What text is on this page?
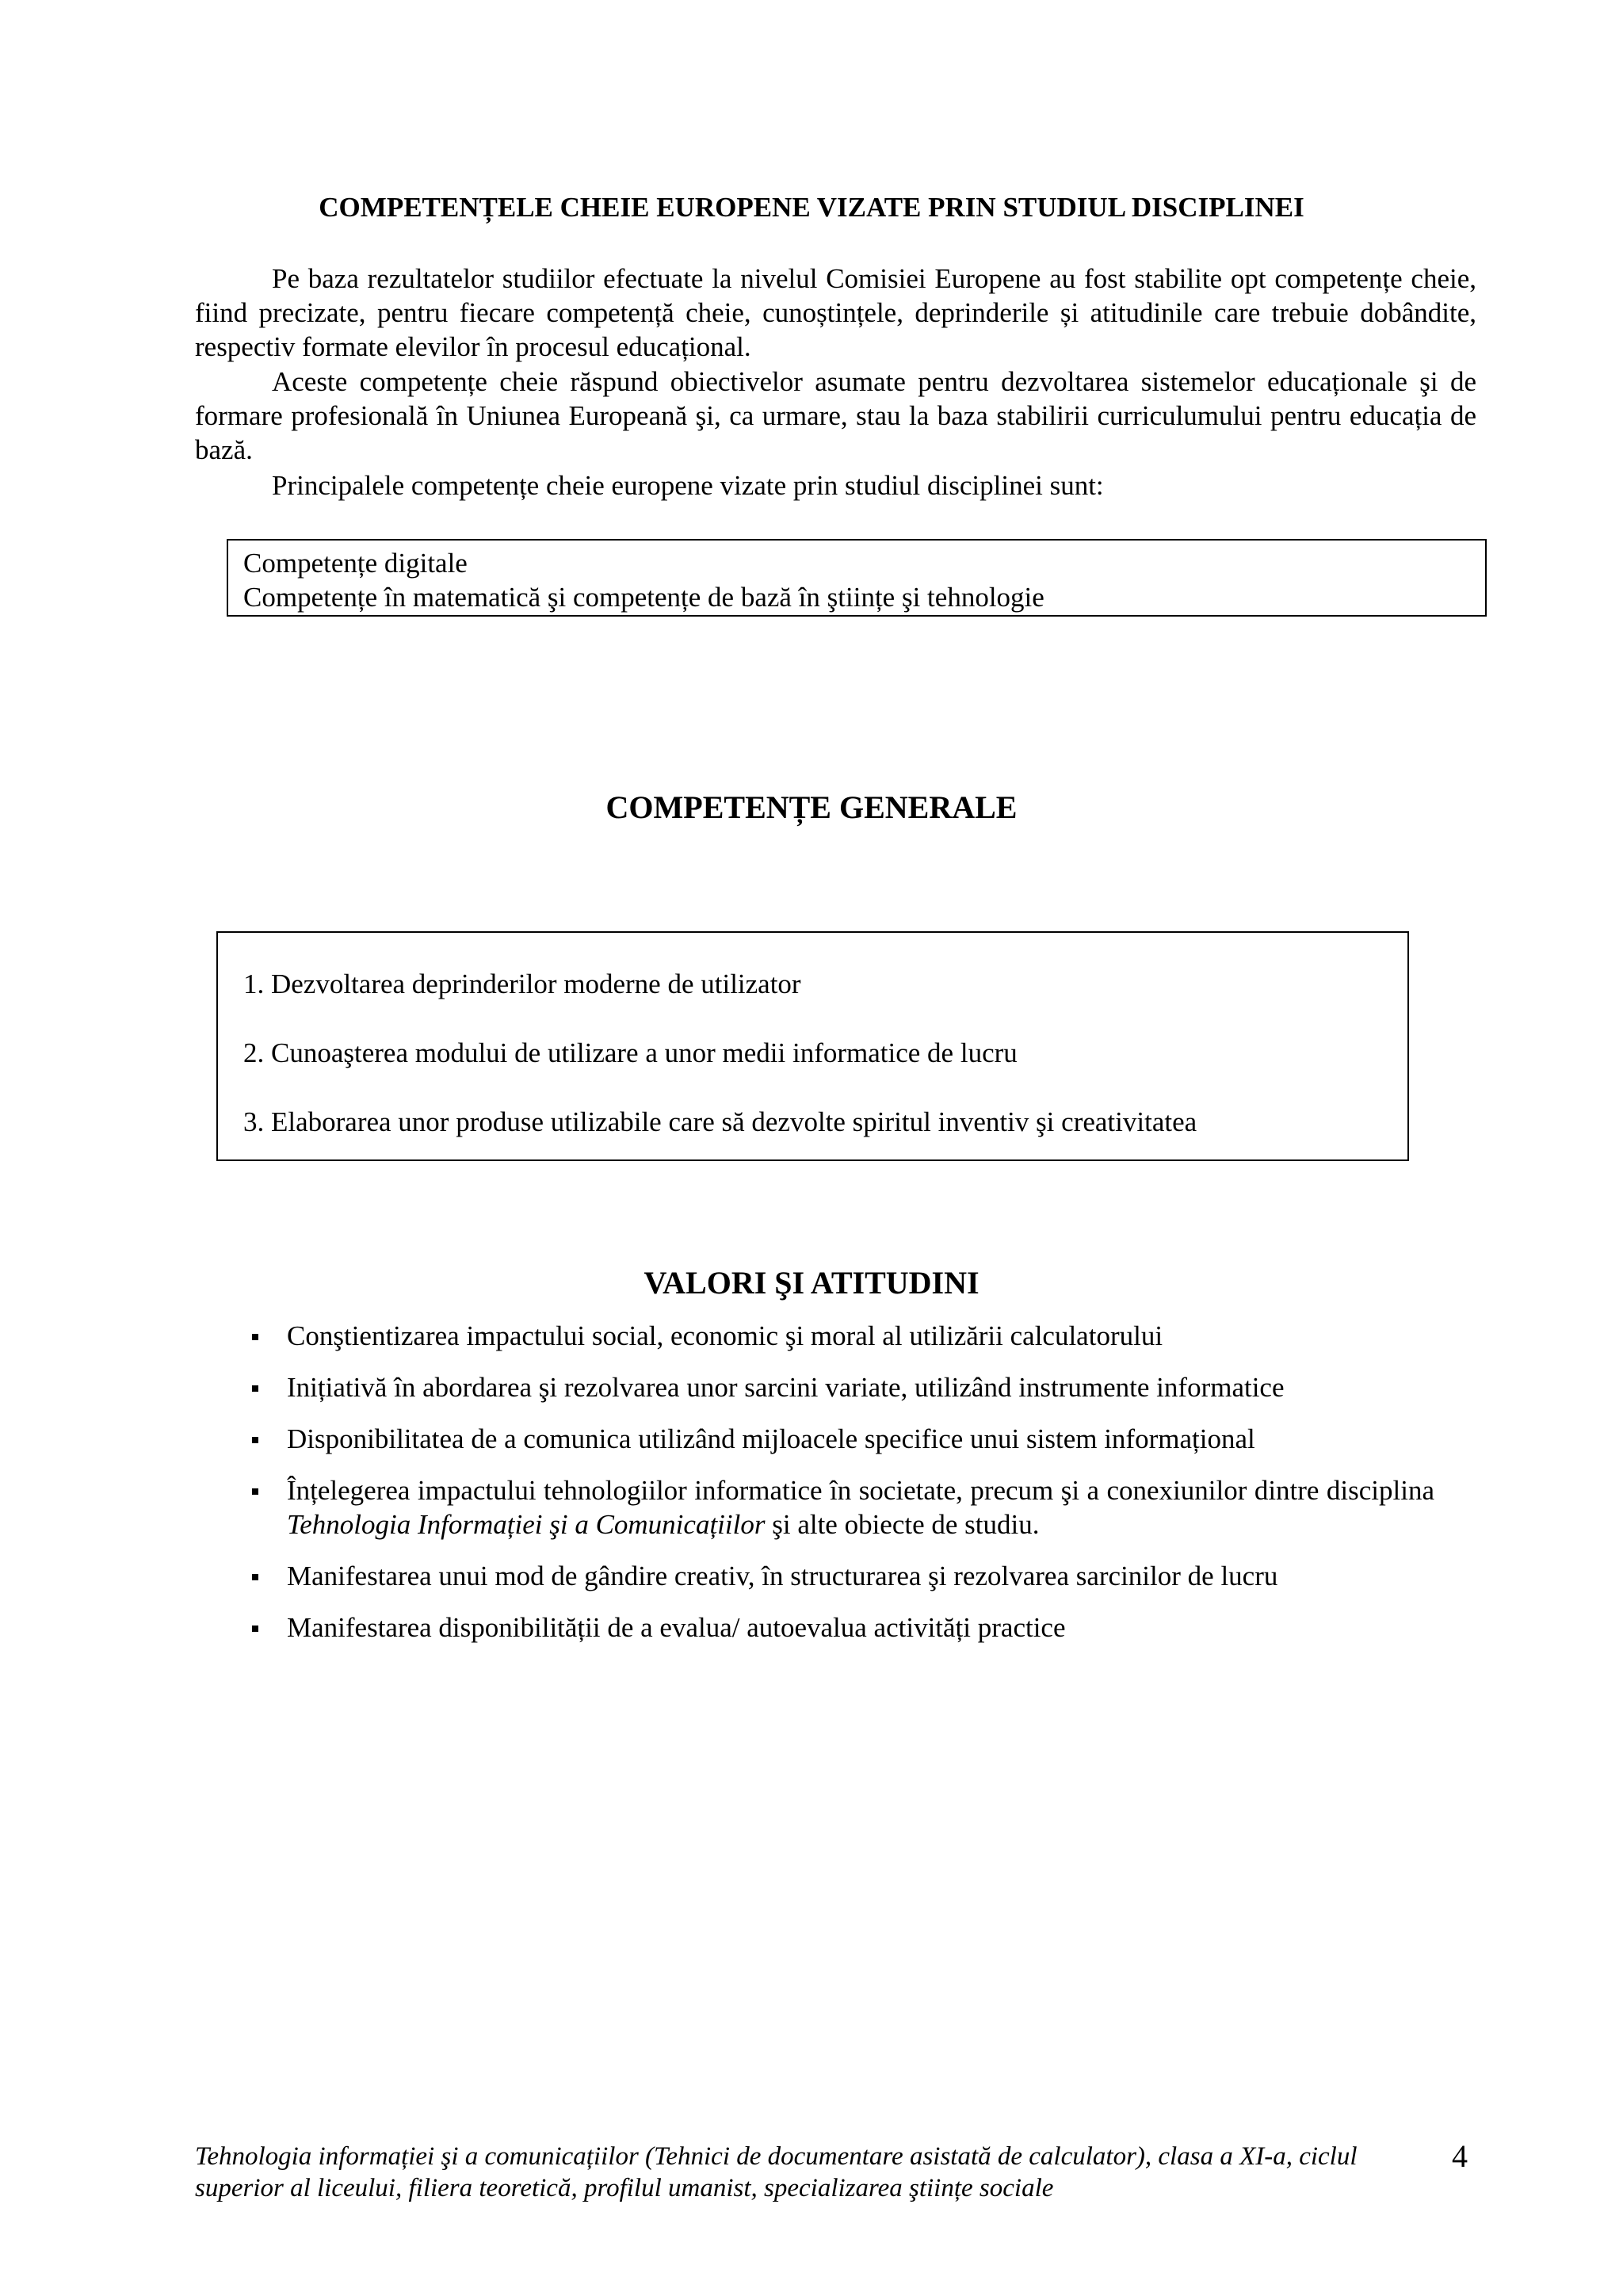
COMPETENȚELE CHEIE EUROPENE VIZATE PRIN STUDIUL DISCIPLINEI

Pe baza rezultatelor studiilor efectuate la nivelul Comisiei Europene au fost stabilite opt competențe cheie, fiind precizate, pentru fiecare competență cheie, cunoștințele, deprinderile și atitudinile care trebuie dobândite, respectiv formate elevilor în procesul educațional.

Aceste competențe cheie răspund obiectivelor asumate pentru dezvoltarea sistemelor educaționale şi de formare profesională în Uniunea Europeană şi, ca urmare, stau la baza stabilirii curriculumului pentru educația de bază.

Principalele competențe cheie europene vizate prin studiul disciplinei sunt:

Competențe digitale
Competențe în matematică şi competențe de bază în ştiințe şi tehnologie
COMPETENȚE GENERALE
1. Dezvoltarea deprinderilor moderne de utilizator
2. Cunoaşterea modului de utilizare a unor medii informatice de lucru
3. Elaborarea unor produse utilizabile care să dezvolte spiritul inventiv şi creativitatea
VALORI ŞI ATITUDINI
Conştientizarea impactului social, economic şi moral al utilizării calculatorului
Inițiativă în abordarea şi rezolvarea unor sarcini variate, utilizând instrumente informatice
Disponibilitatea de a comunica utilizând mijloacele specifice unui sistem informațional
Înțelegerea impactului tehnologiilor informatice în societate, precum şi a conexiunilor dintre disciplina Tehnologia Informației şi a Comunicațiilor şi alte obiecte de studiu.
Manifestarea unui mod de gândire creativ, în structurarea şi rezolvarea sarcinilor de lucru
Manifestarea disponibilității de a evalua/ autoevalua activități practice

Tehnologia informației şi a comunicațiilor (Tehnici de documentare asistată de calculator), clasa a XI-a, ciclul superior al liceului, filiera teoretică, profilul umanist, specializarea ştiințe sociale

4
